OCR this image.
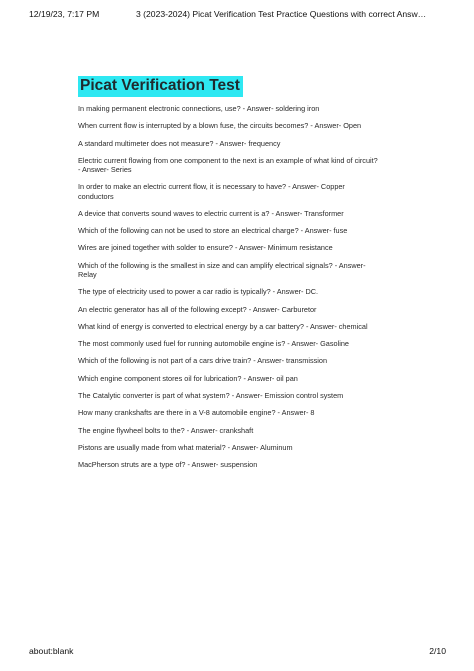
12/19/23, 7:17 PM	3 (2023-2024) Picat Verification Test Practice Questions with correct Answ…
Picat Verification Test
In making permanent electronic connections, use? - Answer- soldering iron
When current flow is interrupted by a blown fuse, the circuits becomes? - Answer- Open
A standard multimeter does not measure? - Answer- frequency
Electric current flowing from one component to the next is an example of what kind of circuit? - Answer- Series
In order to make an electric current flow, it is necessary to have? - Answer- Copper conductors
A device that converts sound waves to electric current is a? - Answer- Transformer
Which of the following can not be used to store an electrical charge? - Answer- fuse
Wires are joined together with solder to ensure? - Answer- Minimum resistance
Which of the following is the smallest in size and can amplify electrical signals? - Answer- Relay
The type of electricity used to power a car radio is typically? - Answer- DC.
An electric generator has all of the following except? - Answer- Carburetor
What kind of energy is converted to electrical energy by a car battery? - Answer- chemical
The most commonly used fuel for running automobile engine is? - Answer- Gasoline
Which of the following is not part of a cars drive train? - Answer- transmission
Which engine component stores oil for lubrication? - Answer- oil pan
The Catalytic converter is part of what system? - Answer- Emission control system
How many crankshafts are there in a V-8 automobile engine? - Answer- 8
The engine flywheel bolts to the? - Answer- crankshaft
Pistons are usually made from what material? - Answer- Aluminum
MacPherson struts are a type of? - Answer- suspension
about:blank	2/10
